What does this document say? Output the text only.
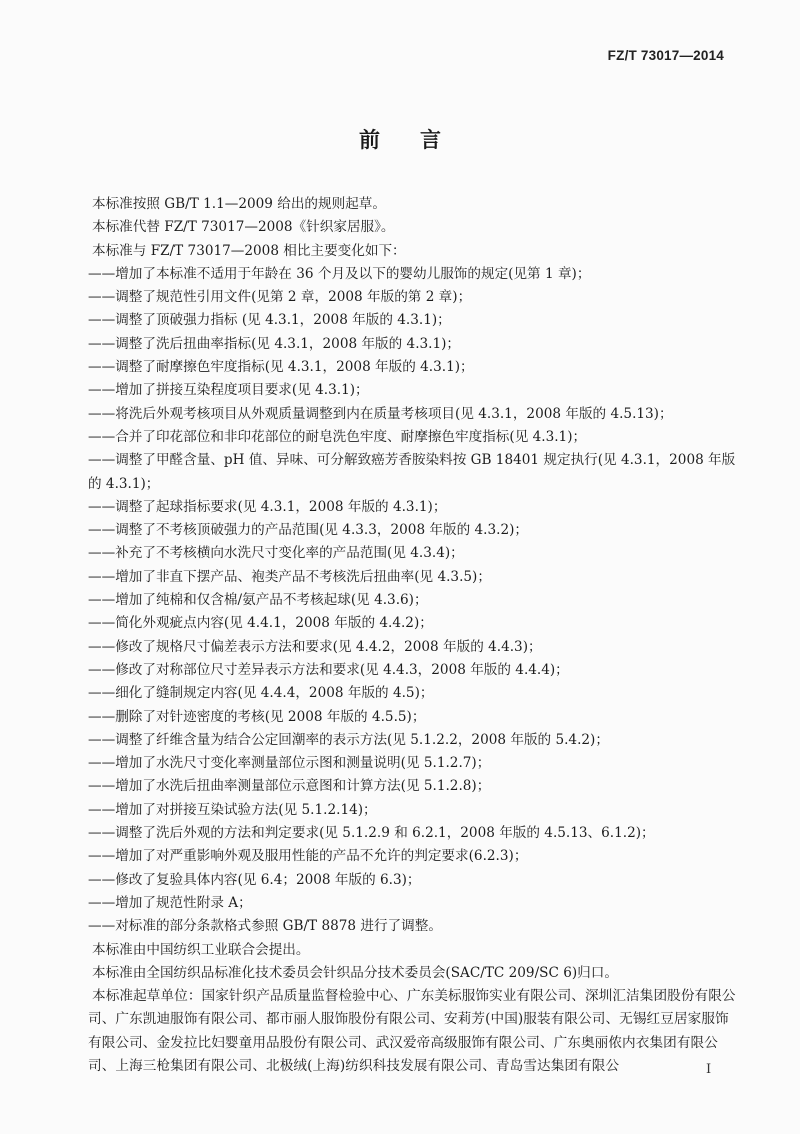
FZ/T 73017—2014
前言

本标准按照 GB/T 1.1—2009 给出的规则起草。

本标准代替 FZ/T 73017—2008《针织家居服》。

本标准与 FZ/T 73017—2008 相比主要变化如下：

——增加了本标准不适用于年龄在 36 个月及以下的婴幼儿服饰的规定(见第 1 章)；

——调整了规范性引用文件(见第 2 章，2008 年版的第 2 章)；

——调整了顶破强力指标 (见 4.3.1，2008 年版的 4.3.1)；

——调整了洗后扭曲率指标(见 4.3.1，2008 年版的 4.3.1)；

——调整了耐摩擦色牢度指标(见 4.3.1，2008 年版的 4.3.1)；

——增加了拼接互染程度项目要求(见 4.3.1)；

——将洗后外观考核项目从外观质量调整到内在质量考核项目(见 4.3.1，2008 年版的 4.5.13)；

——合并了印花部位和非印花部位的耐皂洗色牢度、耐摩擦色牢度指标(见 4.3.1)；

——调整了甲醛含量、pH 值、异味、可分解致癌芳香胺染料按 GB 18401 规定执行(见 4.3.1，2008 年版的 4.3.1)；

——调整了起球指标要求(见 4.3.1，2008 年版的 4.3.1)；

——调整了不考核顶破强力的产品范围(见 4.3.3，2008 年版的 4.3.2)；

——补充了不考核横向水洗尺寸变化率的产品范围(见 4.3.4)；

——增加了非直下摆产品、袍类产品不考核洗后扭曲率(见 4.3.5)；

——增加了纯棉和仅含棉/氨产品不考核起球(见 4.3.6)；

——简化外观疵点内容(见 4.4.1，2008 年版的 4.4.2)；

——修改了规格尺寸偏差表示方法和要求(见 4.4.2，2008 年版的 4.4.3)；

——修改了对称部位尺寸差异表示方法和要求(见 4.4.3，2008 年版的 4.4.4)；

——细化了缝制规定内容(见 4.4.4，2008 年版的 4.5)；

——删除了对针迹密度的考核(见 2008 年版的 4.5.5)；

——调整了纤维含量为结合公定回潮率的表示方法(见 5.1.2.2，2008 年版的 5.4.2)；

——增加了水洗尺寸变化率测量部位示图和测量说明(见 5.1.2.7)；

——增加了水洗后扭曲率测量部位示意图和计算方法(见 5.1.2.8)；

——增加了对拼接互染试验方法(见 5.1.2.14)；

——调整了洗后外观的方法和判定要求(见 5.1.2.9 和 6.2.1，2008 年版的 4.5.13、6.1.2)；

——增加了对严重影响外观及服用性能的产品不允许的判定要求(6.2.3)；

——修改了复验具体内容(见 6.4；2008 年版的 6.3)；

——增加了规范性附录 A；

——对标准的部分条款格式参照 GB/T 8878 进行了调整。

本标准由中国纺织工业联合会提出。

本标准由全国纺织品标准化技术委员会针织品分技术委员会(SAC/TC 209/SC 6)归口。

本标准起草单位：国家针织产品质量监督检验中心、广东美标服饰实业有限公司、深圳汇洁集团股份有限公司、广东凯迪服饰有限公司、都市丽人服饰股份有限公司、安莉芳(中国)服装有限公司、无锡红豆居家服饰有限公司、金发拉比妇婴童用品股份有限公司、武汉爱帝高级服饰有限公司、广东奥丽侬内衣集团有限公司、上海三枪集团有限公司、北极绒(上海)纺织科技发展有限公司、青岛雪达集团有限公	I
